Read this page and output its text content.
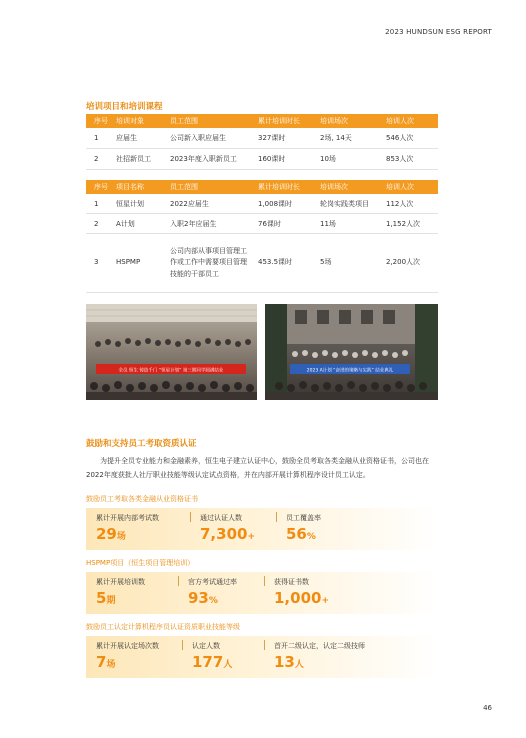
2023 HUNDSUN ESG REPORT
培训项目和培训课程
序号	培训对象	员工范围	累计培训时长	培训场次	培训人次
1	应届生	公司新入职应届生	327课时	2场, 14天	546人次
2	社招新员工	2023年度入职新员工	160课时	10场	853人次
序号	项目名称	员工范围	累计培训时长	培训场次	培训人次
1	恒星计划	2022应届生	1,008课时	轮岗实践类项目	112人次
2	A计划	入职2年应届生	76课时	11场	1,152人次
3	HSPMP	公司内部从事项目管理工作或工作中需要项目管理技能的干部员工	453.5课时	5场	2,200人次
全员 恒生 铸造千门 “恒星计划” 第三期同学圆满结业	2023 A计划 “奋进的策略与实践” 结业典礼
鼓励和支持员工考取资质认证
为提升全员专业能力和金融素养，恒生电子建立认证中心，鼓励全员考取各类金融从业资格证书，公司也在2022年度获批人社厅职业技能等级认定试点资格，并在内部开展计算机程序设计员工认定。
鼓励员工考取各类金融从业资格证书
累计开展内部考试数
29场
通过认证人数
7,300+
员工覆盖率
56%
HSPMP项目（恒生项目管理培训）
累计开展培训数
5期
官方考试通过率
93%
获得证书数
1,000+
鼓励员工认定计算机程序员认证资质职业技能等级
累计开展认定场次数
7场
认定人数
177人
首开二级认定，认定二级技师
13人
46
